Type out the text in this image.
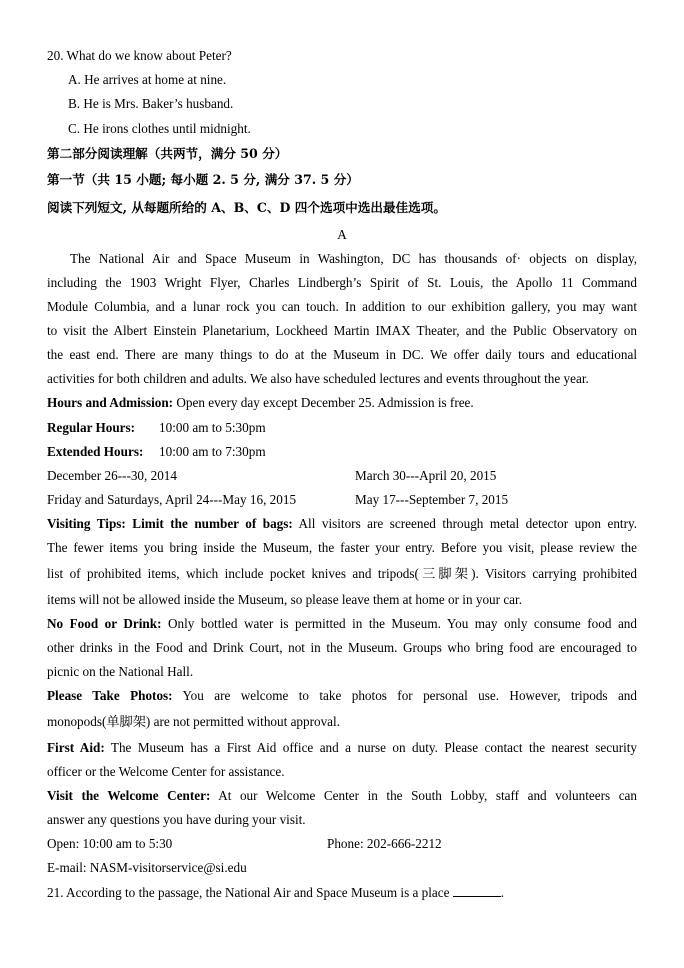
20. What do we know about Peter?
A. He arrives at home at nine.
B. He is Mrs. Baker’s husband.
C. He irons clothes until midnight.
第二部分阅读理解（共两节，满分 50 分）
第一节（共 15 小题; 每小题 2. 5 分, 满分 37. 5 分）
阅读下列短文, 从每题所给的 A、B、C、D 四个选项中选出最佳选项。
A
The National Air and Space Museum in Washington, DC has thousands of· objects on display,
including the 1903 Wright Flyer, Charles Lindbergh’s Spirit of St. Louis, the Apollo 11 Command
Module Columbia, and a lunar rock you can touch. In addition to our exhibition gallery, you may want
to visit the Albert Einstein Planetarium, Lockheed Martin IMAX Theater, and the Public Observatory on
the east end. There are many things to do at the Museum in DC. We offer daily tours and educational
activities for both children and adults. We also have scheduled lectures and events throughout the year.
Hours and Admission: Open every day except December 25. Admission is free.
Regular Hours: 10:00 am to 5:30pm
Extended Hours: 10:00 am to 7:30pm
December 26---30, 2014	March 30---April 20, 2015
Friday and Saturdays, April 24---May 16, 2015	May 17---September 7, 2015
Visiting Tips: Limit the number of bags: All visitors are screened through metal detector upon entry.
The fewer items you bring inside the Museum, the faster your entry. Before you visit, please review the
list of prohibited items, which include pocket knives and tripods(三脚架). Visitors carrying prohibited
items will not be allowed inside the Museum, so please leave them at home or in your car.
No Food or Drink: Only bottled water is permitted in the Museum. You may only consume food and
other drinks in the Food and Drink Court, not in the Museum. Groups who bring food are encouraged to
picnic on the National Hall.
Please Take Photos: You are welcome to take photos for personal use. However, tripods and
monopods(单脚架) are not permitted without approval.
First Aid: The Museum has a First Aid office and a nurse on duty. Please contact the nearest security
officer or the Welcome Center for assistance.
Visit the Welcome Center: At our Welcome Center in the South Lobby, staff and volunteers can
answer any questions you have during your visit.
Open: 10:00 am to 5:30	Phone: 202-666-2212
E-mail: NASM-visitorservice@si.edu
21. According to the passage, the National Air and Space Museum is a place	.
